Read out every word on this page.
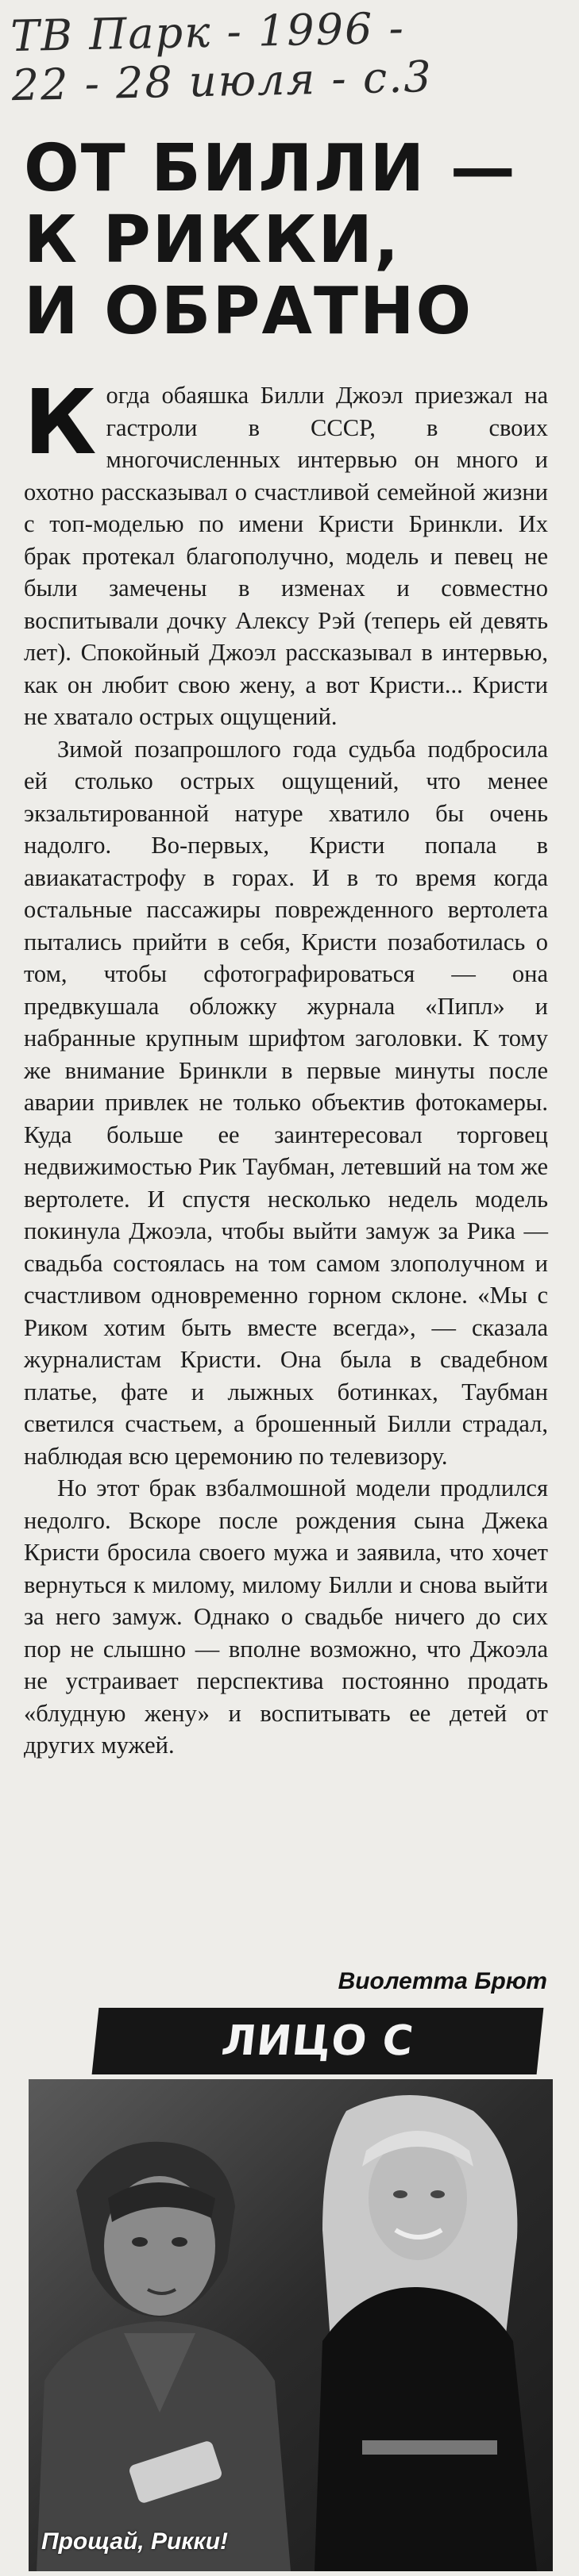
ТВ Парк - 1996 -
22 - 28 июля - с.3
ОТ БИЛЛИ —
К РИККИ,
И ОБРАТНО

Когда обаяшка Билли Джоэл приезжал на гастроли в СССР, в своих многочисленных интервью он много и охотно рассказывал о счастливой семейной жизни с топ-моделью по имени Кристи Бринкли. Их брак протекал благополучно, модель и певец не были замечены в изменах и совместно воспитывали дочку Алексу Рэй (теперь ей девять лет). Спокойный Джоэл рассказывал в интервью, как он любит свою жену, а вот Кристи... Кристи не хватало острых ощущений.

Зимой позапрошлого года судьба подбросила ей столько острых ощущений, что менее экзальтированной натуре хватило бы очень надолго. Во-первых, Кристи попала в авиакатастрофу в горах. И в то время когда остальные пассажиры поврежденного вертолета пытались прийти в себя, Кристи позаботилась о том, чтобы сфотографироваться — она предвкушала обложку журнала «Пипл» и набранные крупным шрифтом заголовки. К тому же внимание Бринкли в первые минуты после аварии привлек не только объектив фотокамеры. Куда больше ее заинтересовал торговец недвижимостью Рик Таубман, летевший на том же вертолете. И спустя несколько недель модель покинула Джоэла, чтобы выйти замуж за Рика — свадьба состоялась на том самом злополучном и счастливом одновременно горном склоне. «Мы с Риком хотим быть вместе всегда», — сказала журналистам Кристи. Она была в свадебном платье, фате и лыжных ботинках, Таубман светился счастьем, а брошенный Билли страдал, наблюдая всю церемонию по телевизору.

Но этот брак взбалмошной модели продлился недолго. Вскоре после рождения сына Джека Кристи бросила своего мужа и заявила, что хочет вернуться к милому, милому Билли и снова выйти за него замуж. Однако о свадьбе ничего до сих пор не слышно — вполне возможно, что Джоэла не устраивает перспектива постоянно продать «блудную жену» и воспитывать ее детей от других мужей.

Виолетта Брют
ЛИЦО С
Прощай, Рикки!
